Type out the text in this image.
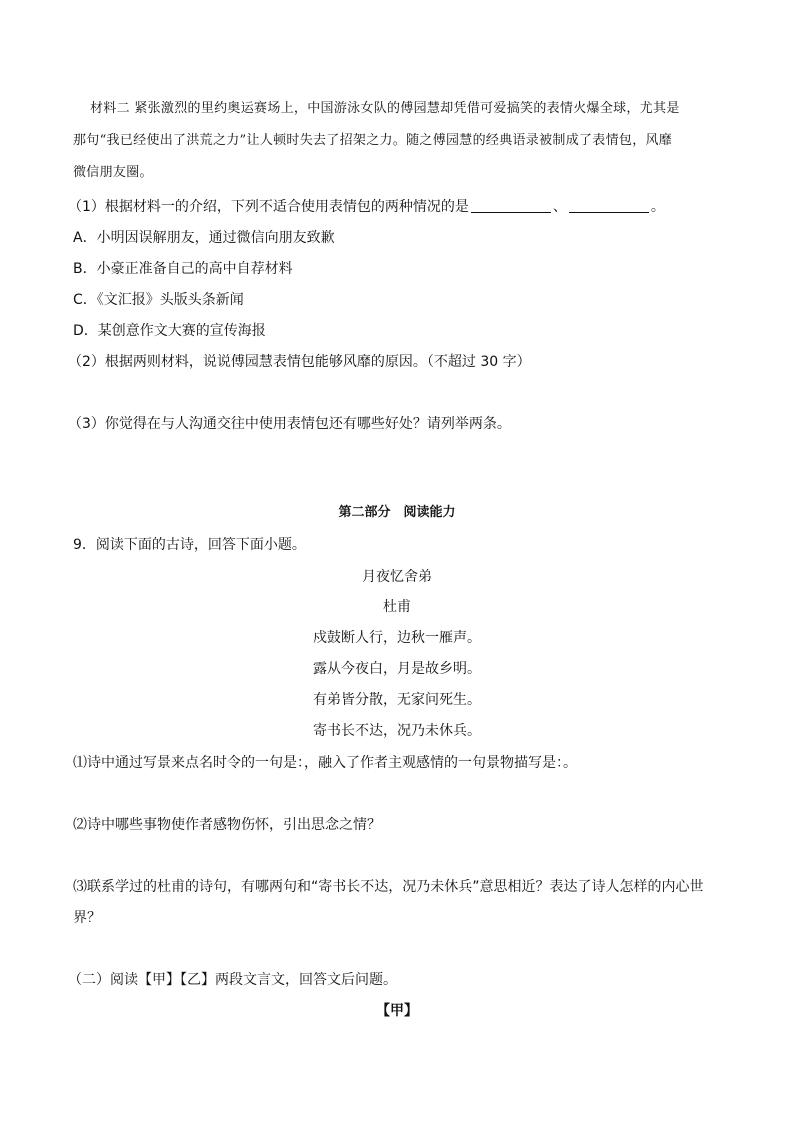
材料二 紧张激烈的里约奥运赛场上，中国游泳女队的傅园慧却凭借可爱搞笑的表情火爆全球，尤其是
那句“我已经使出了洪荒之力”让人顿时失去了招架之力。随之傅园慧的经典语录被制成了表情包，风靡
微信朋友圈。
（1）根据材料一的介绍，下列不适合使用表情包的两种情况的是	、	。
A．小明因误解朋友，通过微信向朋友致歉
B．小豪正准备自己的高中自荐材料
C．《文汇报》头版头条新闻
D．某创意作文大赛的宣传海报
（2）根据两则材料，说说傅园慧表情包能够风靡的原因。（不超过 30 字）
（3）你觉得在与人沟通交往中使用表情包还有哪些好处？请列举两条。
第二部分　阅读能力
9．阅读下面的古诗，回答下面小题。
月夜忆舍弟
杜甫
戍鼓断人行，边秋一雁声。
露从今夜白，月是故乡明。
有弟皆分散，无家问死生。
寄书长不达，况乃未休兵。
⑴诗中通过写景来点名时令的一句是：，融入了作者主观感情的一句景物描写是：。
⑵诗中哪些事物使作者感物伤怀，引出思念之情？
⑶联系学过的杜甫的诗句，有哪两句和“寄书长不达，况乃未休兵”意思相近？表达了诗人怎样的内心世
界？
（二）阅读【甲】【乙】两段文言文，回答文后问题。
【甲】
